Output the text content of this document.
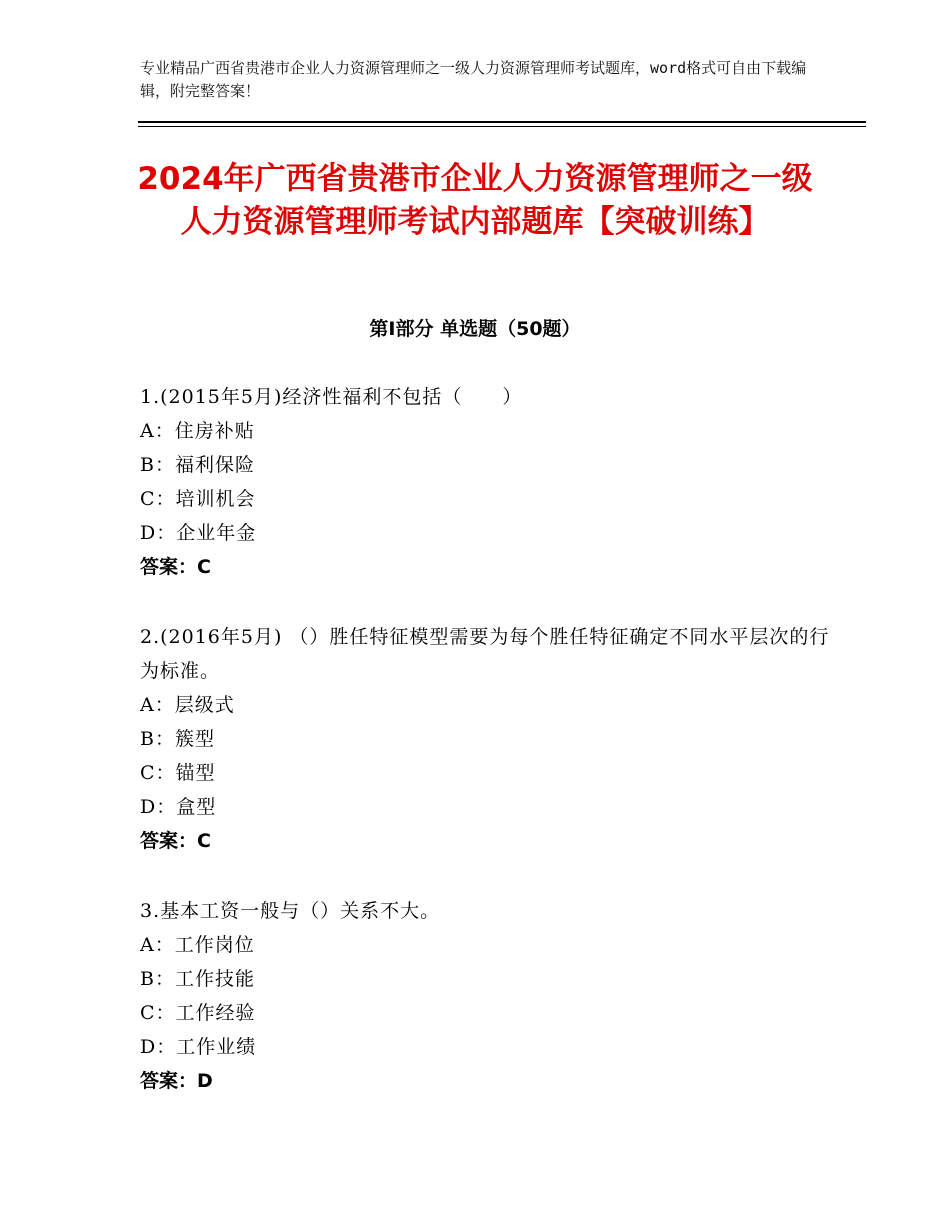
专业精品广西省贵港市企业人力资源管理师之一级人力资源管理师考试题库，word格式可自由下载编辑，附完整答案！
2024年广西省贵港市企业人力资源管理师之一级人力资源管理师考试内部题库【突破训练】
第Ⅰ部分 单选题（50题）

1.(2015年5月)经济性福利不包括（　　）

A：住房补贴

B：福利保险

C：培训机会

D：企业年金

答案：C

2.(2016年5月) （）胜任特征模型需要为每个胜任特征确定不同水平层次的行为标准。

A：层级式

B：簇型

C：锚型

D：盒型

答案：C

3.基本工资一般与（）关系不大。

A：工作岗位

B：工作技能

C：工作经验

D：工作业绩

答案：D
